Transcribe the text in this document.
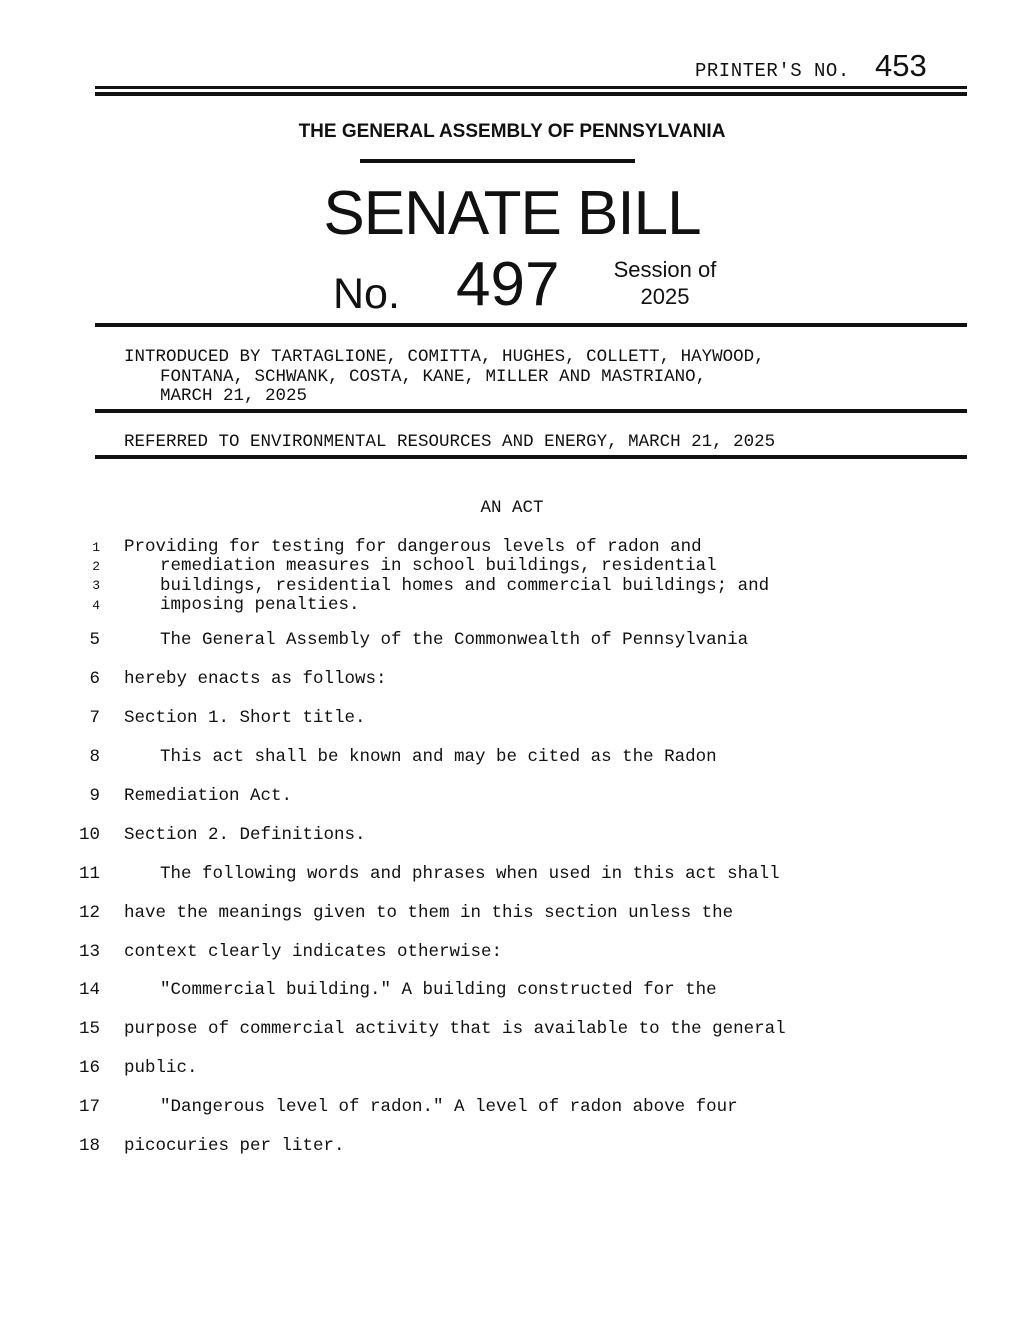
PRINTER'S NO. 453
THE GENERAL ASSEMBLY OF PENNSYLVANIA
SENATE BILL
No. 497	Session of
2025
INTRODUCED BY TARTAGLIONE, COMITTA, HUGHES, COLLETT, HAYWOOD,
FONTANA, SCHWANK, COSTA, KANE, MILLER AND MASTRIANO,
MARCH 21, 2025
REFERRED TO ENVIRONMENTAL RESOURCES AND ENERGY, MARCH 21, 2025
AN ACT
1 Providing for testing for dangerous levels of radon and
2	remediation measures in school buildings, residential
3	buildings, residential homes and commercial buildings; and
4	imposing penalties.
5	The General Assembly of the Commonwealth of Pennsylvania
6 hereby enacts as follows:
7 Section 1. Short title.
8	This act shall be known and may be cited as the Radon
9 Remediation Act.
10 Section 2. Definitions.
11	The following words and phrases when used in this act shall
12 have the meanings given to them in this section unless the
13 context clearly indicates otherwise:
14	"Commercial building." A building constructed for the
15 purpose of commercial activity that is available to the general
16 public.
17	"Dangerous level of radon." A level of radon above four
18 picocuries per liter.
